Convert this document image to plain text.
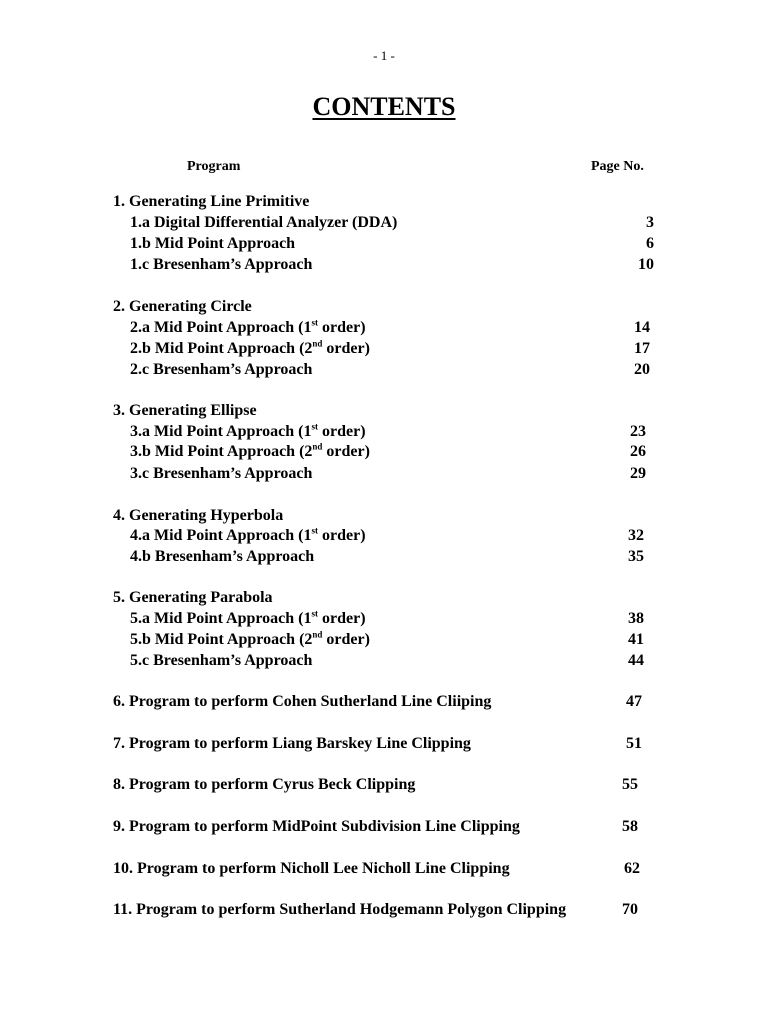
- 1 -
CONTENTS
Program	Page No.
1. Generating Line Primitive
1.a Digital Differential Analyzer (DDA)	3
1.b Mid Point Approach	6
1.c Bresenham’s Approach	10
2. Generating Circle
2.a Mid Point Approach (1st order)	14
2.b Mid Point Approach (2nd order)	17
2.c Bresenham’s Approach	20
3. Generating Ellipse
3.a Mid Point Approach (1st order)	23
3.b Mid Point Approach (2nd order)	26
3.c Bresenham’s Approach	29
4. Generating Hyperbola
4.a Mid Point Approach (1st order)	32
4.b Bresenham’s Approach	35
5. Generating Parabola
5.a Mid Point Approach (1st order)	38
5.b Mid Point Approach (2nd order)	41
5.c Bresenham’s Approach	44
6. Program to perform Cohen Sutherland Line Cliiping	47
7. Program to perform Liang Barskey Line Clipping	51
8. Program to perform Cyrus Beck Clipping	55
9. Program to perform MidPoint Subdivision Line Clipping	58
10. Program to perform Nicholl Lee Nicholl Line Clipping	62
11. Program to perform Sutherland Hodgemann Polygon Clipping	70
